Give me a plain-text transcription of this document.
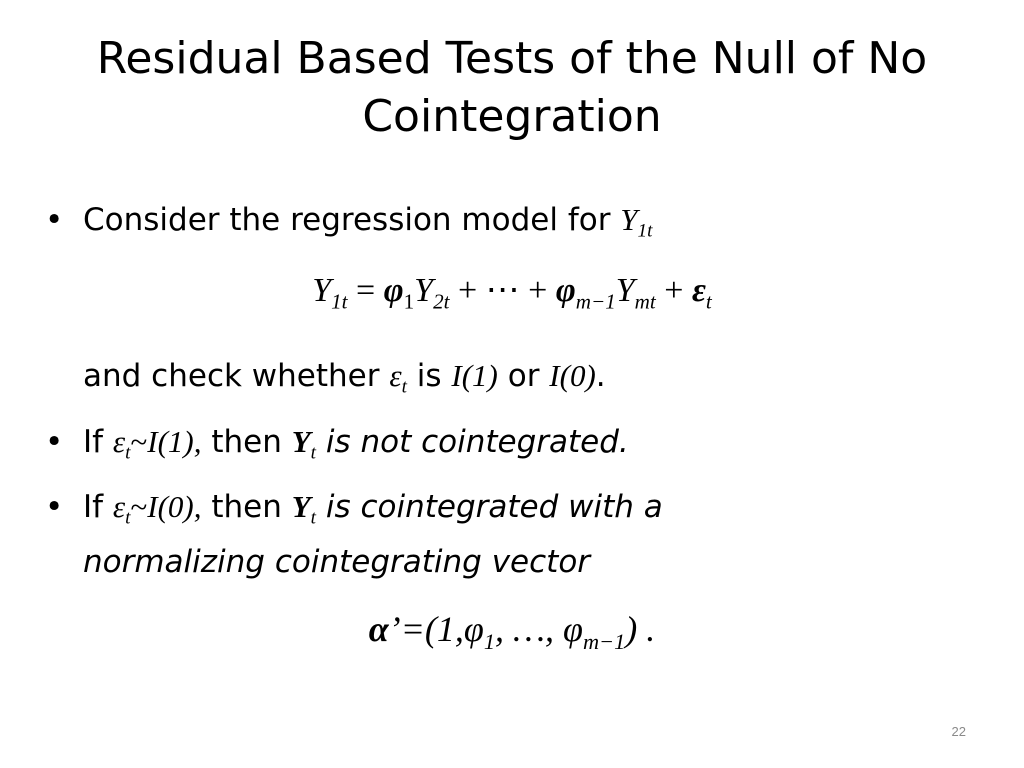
Residual Based Tests of the Null of No
Cointegration
• Consider the regression model for $Y_{1t}$
$Y_{1t} = \varphi_1Y_{2t}$ + ⋯ + $\varphi_{m-1}Y_{mt} + \varepsilon_t$
and check whether $\varepsilon_t$ is I(1) or I(0).
• If $\varepsilon_t\sim I(1)$, then $Y_t$ is not cointegrated.
• If $\varepsilon_t\sim I(0)$, then $Y_t$ is cointegrated with a
normalizing cointegrating vector
$\alpha’=(1,\varphi_1$, …, $\varphi_{m-1}$) .
22
